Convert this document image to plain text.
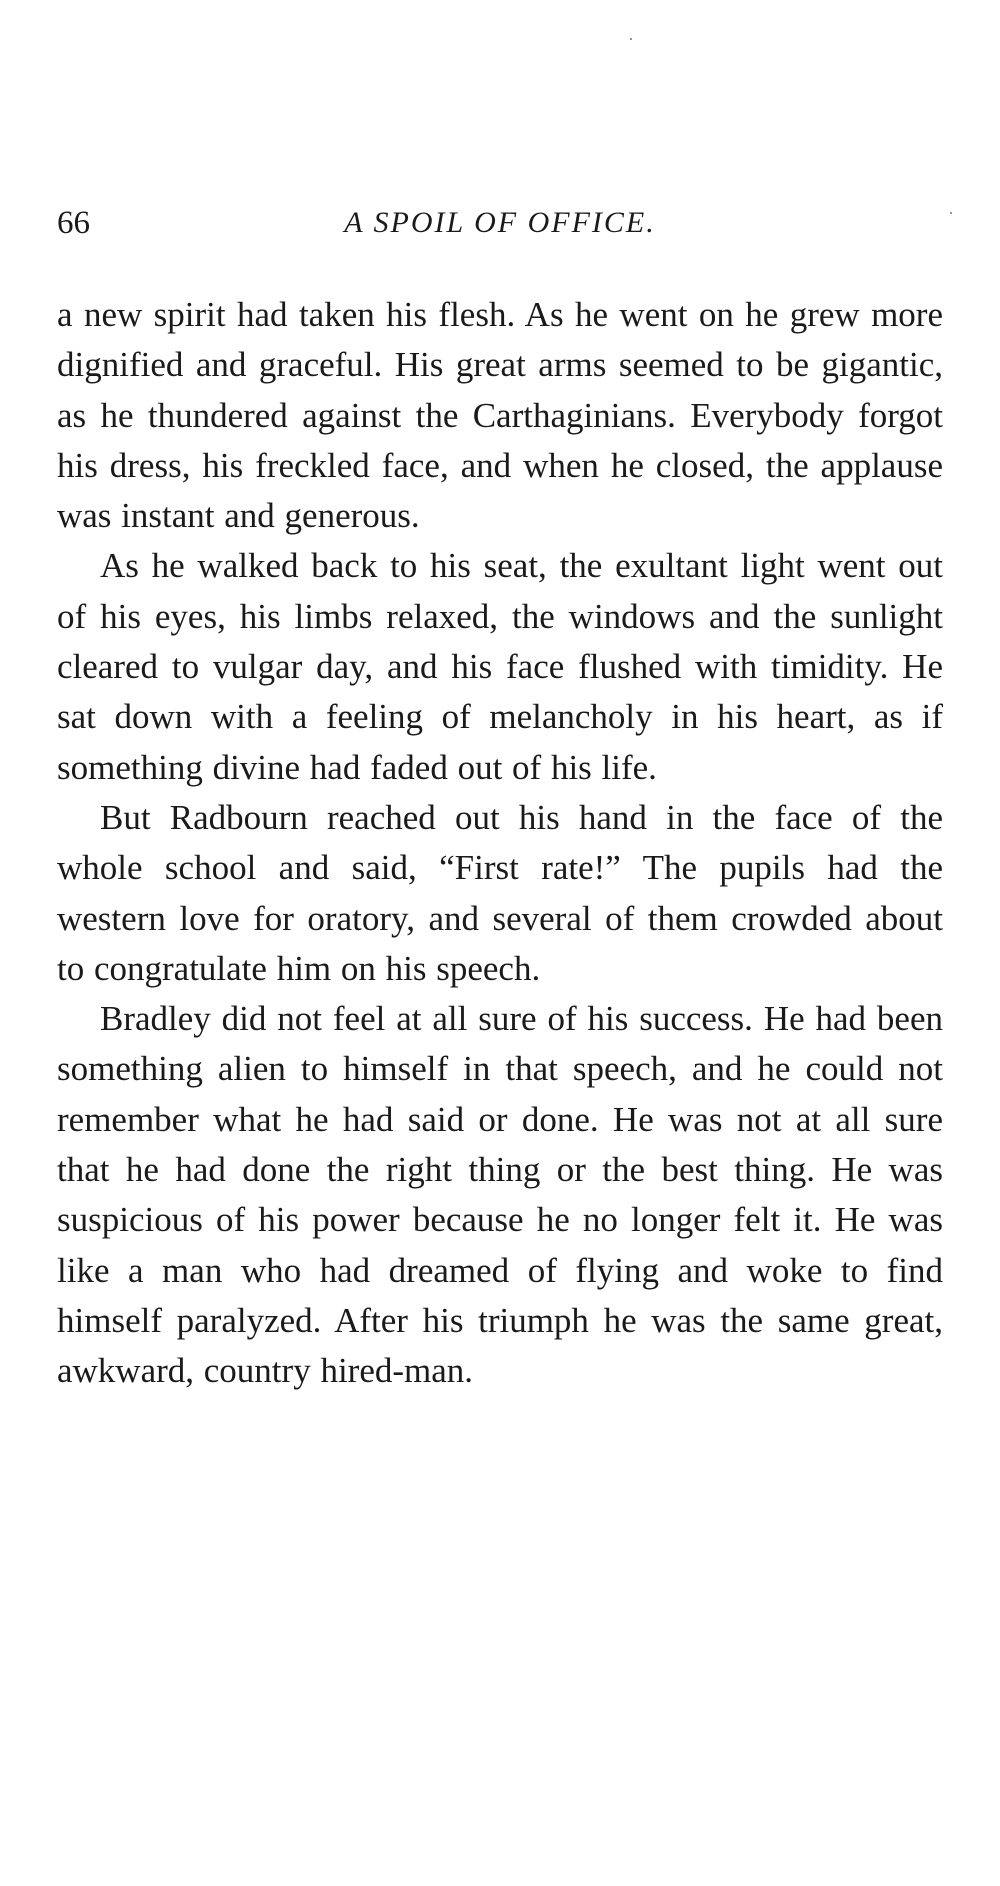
66	A SPOIL OF OFFICE.

a new spirit had taken his flesh. As he went on he grew more dignified and graceful. His great arms seemed to be gigantic, as he thundered against the Carthaginians. Everybody forgot his dress, his freckled face, and when he closed, the applause was instant and generous.

As he walked back to his seat, the exultant light went out of his eyes, his limbs relaxed, the windows and the sunlight cleared to vulgar day, and his face flushed with timidity. He sat down with a feeling of melancholy in his heart, as if something divine had faded out of his life.

But Radbourn reached out his hand in the face of the whole school and said, “First rate!” The pupils had the western love for oratory, and several of them crowded about to congratulate him on his speech.

Bradley did not feel at all sure of his success. He had been something alien to himself in that speech, and he could not remember what he had said or done. He was not at all sure that he had done the right thing or the best thing. He was suspicious of his power because he no longer felt it. He was like a man who had dreamed of flying and woke to find himself paralyzed. After his triumph he was the same great, awkward, country hired-man.
